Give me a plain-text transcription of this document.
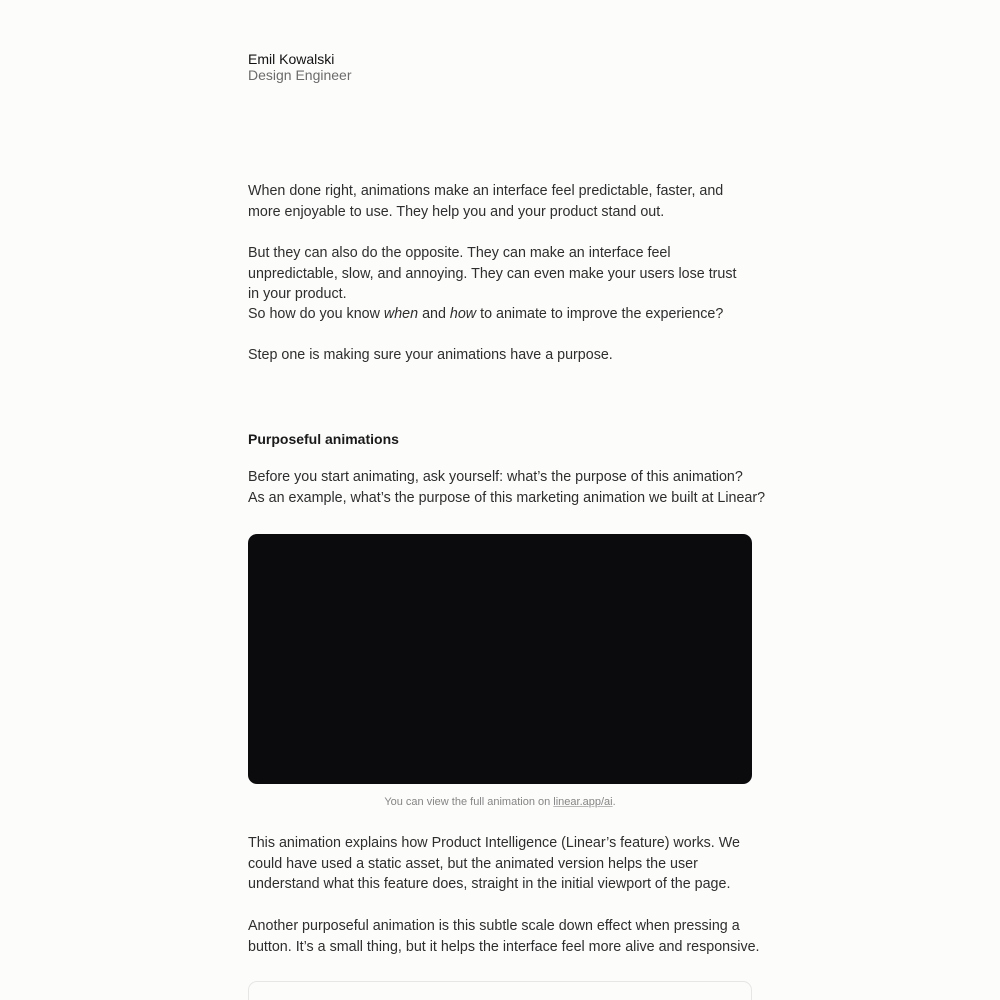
Emil Kowalski
Design Engineer

When done right, animations make an interface feel predictable, faster, and more enjoyable to use. They help you and your product stand out.

But they can also do the opposite. They can make an interface feel unpredictable, slow, and annoying. They can even make your users lose trust in your product.

So how do you know when and how to animate to improve the experience?

Step one is making sure your animations have a purpose.

Purposeful animations

Before you start animating, ask yourself: what’s the purpose of this animation?
As an example, what’s the purpose of this marketing animation we built at Linear?

You can view the full animation on linear.app/ai.

This animation explains how Product Intelligence (Linear’s feature) works. We could have used a static asset, but the animated version helps the user understand what this feature does, straight in the initial viewport of the page.

Another purposeful animation is this subtle scale down effect when pressing a button. It’s a small thing, but it helps the interface feel more alive and responsive.
